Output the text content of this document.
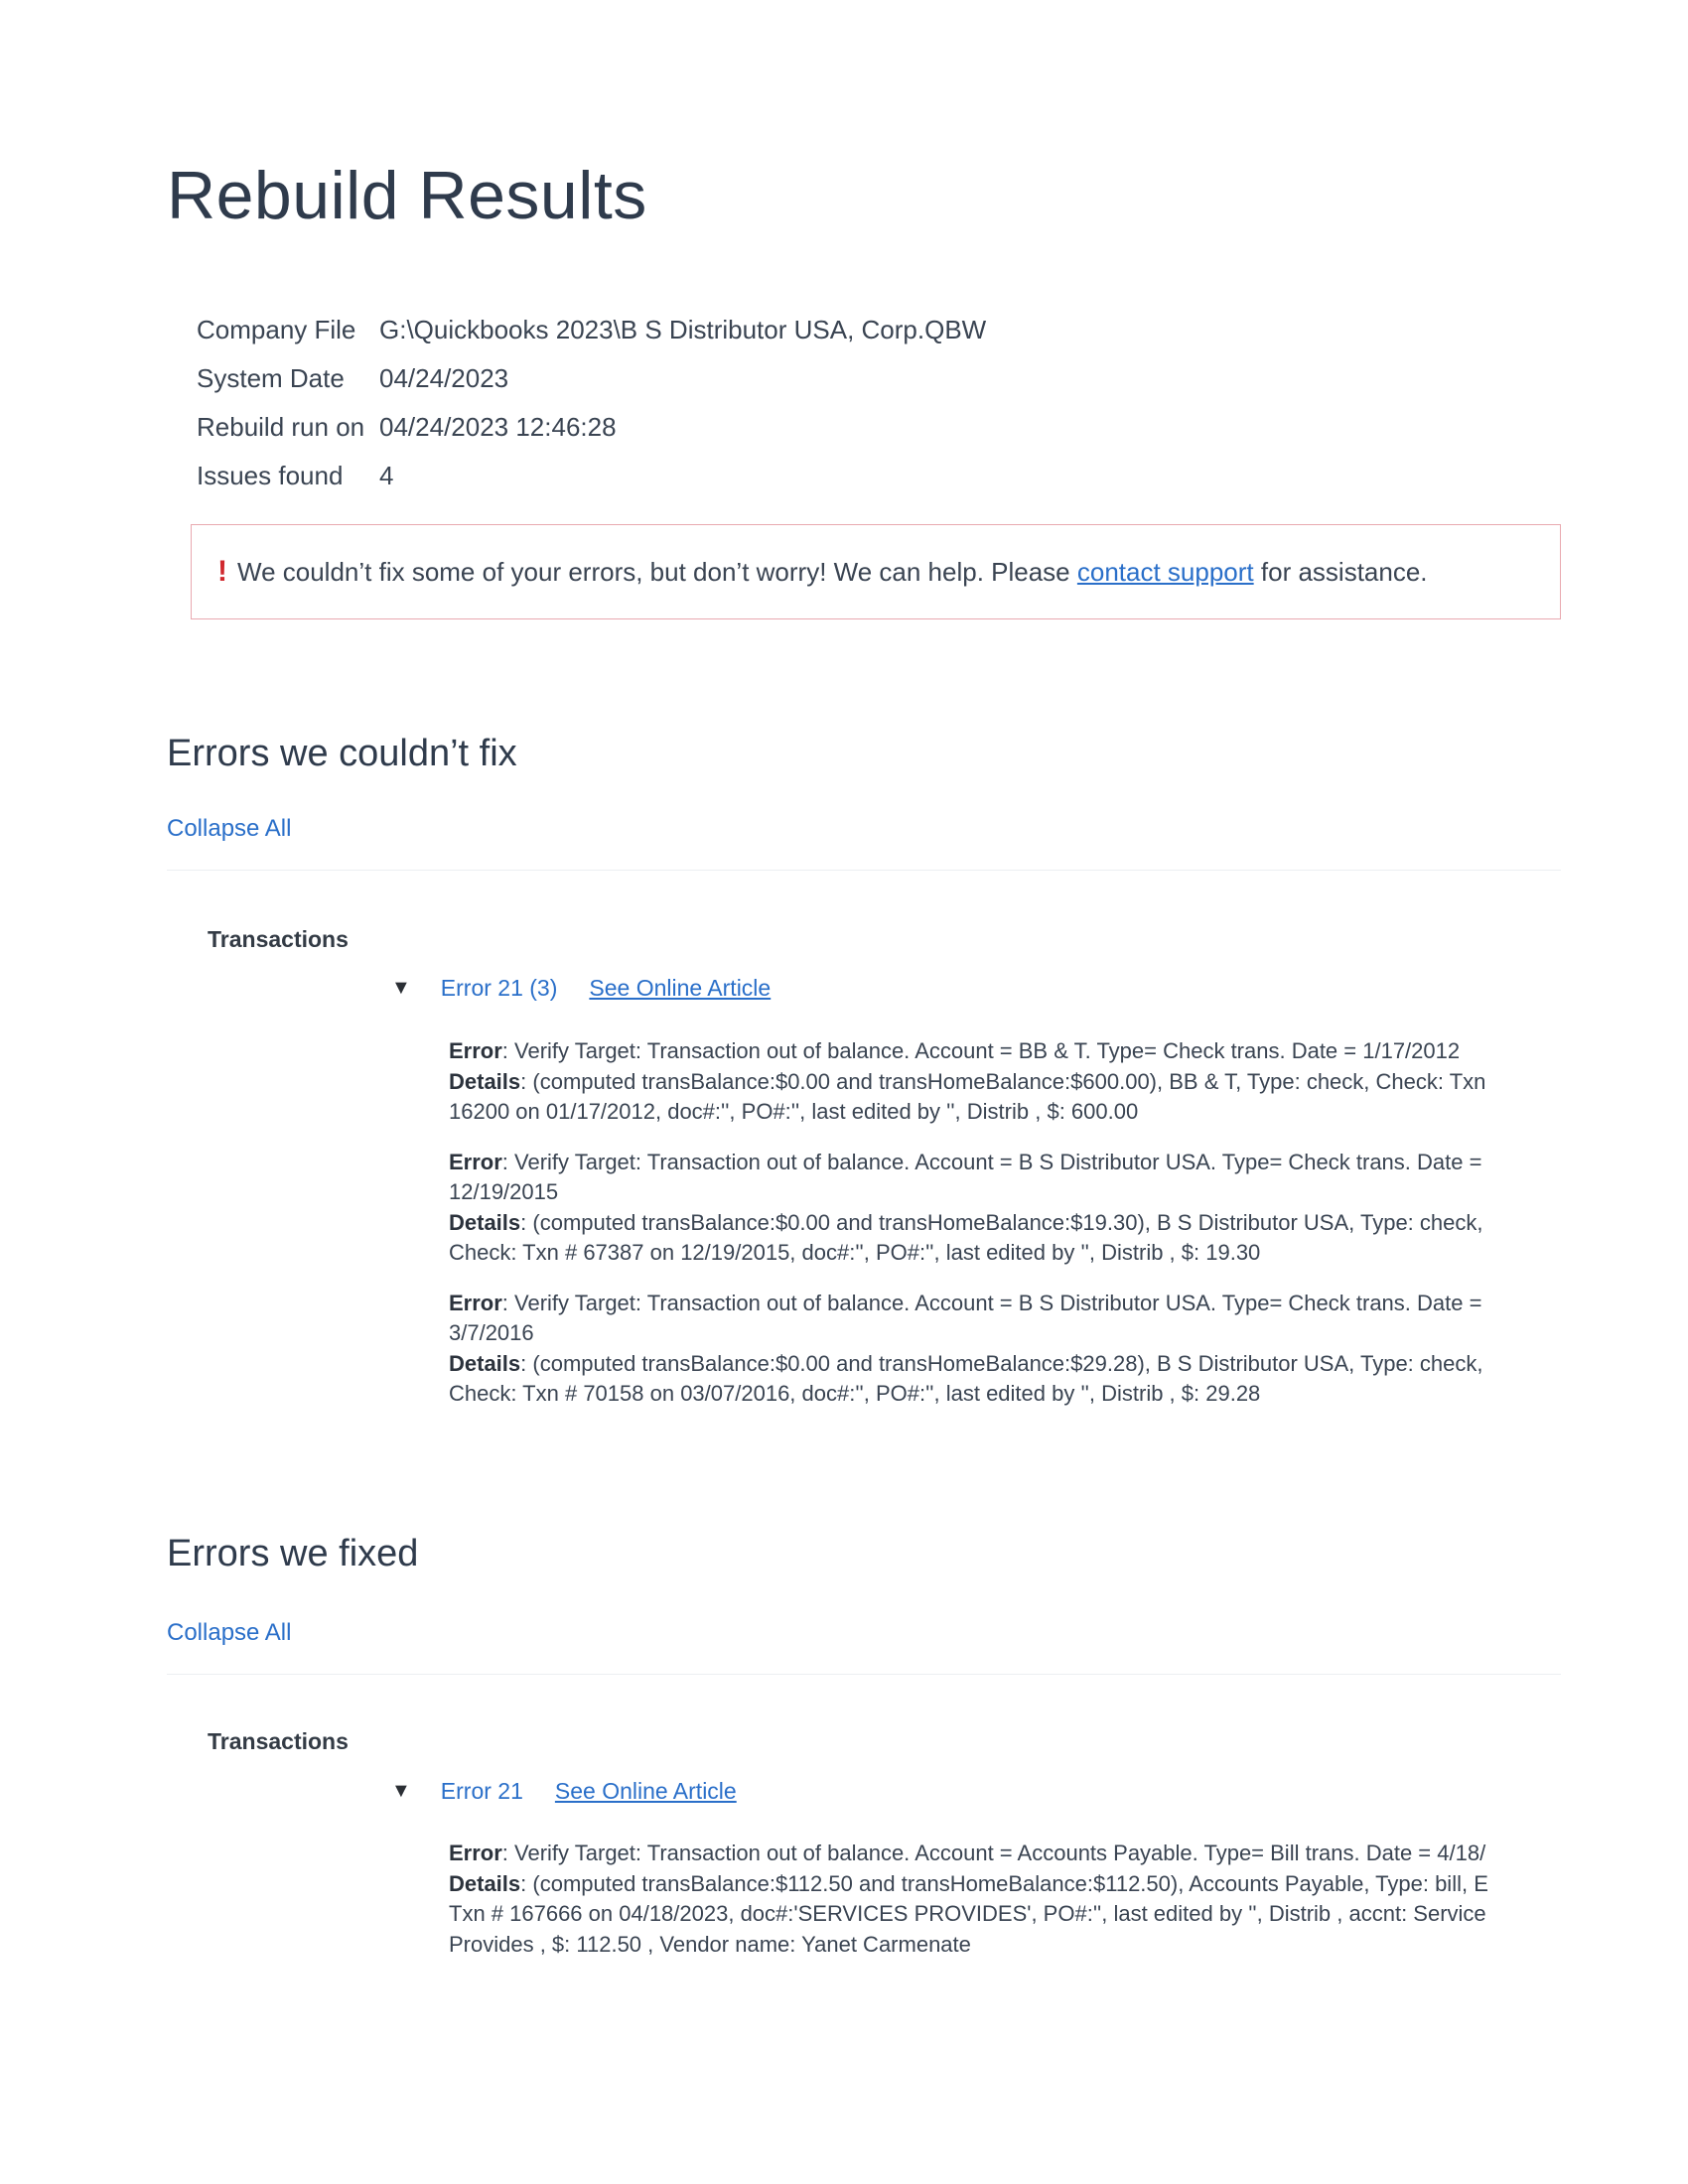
Rebuild Results
Company File G:\Quickbooks 2023\B S Distributor USA, Corp.QBW
System Date	04/24/2023
Rebuild run on 04/24/2023 12:46:28
Issues found	4
! We couldn’t fix some of your errors, but don’t worry! We can help. Please
contact support
for assistance.
Errors we couldn’t fix
Collapse All
Transactions
▼ Error 21 (3) See Online Article
Error: Verify Target: Transaction out of balance. Account = BB & T. Type= Check trans. Date = 1/17/2012
Details: (computed transBalance:$0.00 and transHomeBalance:$600.00), BB & T, Type: check, Check: Txn
16200 on 01/17/2012, doc#:'', PO#:'', last edited by '', Distrib , $: 600.00
Error: Verify Target: Transaction out of balance. Account = B S Distributor USA. Type= Check trans. Date =
12/19/2015
Details: (computed transBalance:$0.00 and transHomeBalance:$19.30), B S Distributor USA, Type: check,
Check: Txn # 67387 on 12/19/2015, doc#:'', PO#:'', last edited by '', Distrib , $: 19.30
Error: Verify Target: Transaction out of balance. Account = B S Distributor USA. Type= Check trans. Date =
3/7/2016
Details: (computed transBalance:$0.00 and transHomeBalance:$29.28), B S Distributor USA, Type: check,
Check: Txn # 70158 on 03/07/2016, doc#:'', PO#:'', last edited by '', Distrib , $: 29.28
Errors we fixed
Collapse All
Transactions
▼ Error 21 See Online Article
Error: Verify Target: Transaction out of balance. Account = Accounts Payable. Type= Bill trans. Date = 4/18/
Details: (computed transBalance:$112.50 and transHomeBalance:$112.50), Accounts Payable, Type: bill, E
Txn # 167666 on 04/18/2023, doc#:'SERVICES PROVIDES', PO#:'', last edited by '', Distrib , accnt: Service
Provides , $: 112.50 , Vendor name: Yanet Carmenate
